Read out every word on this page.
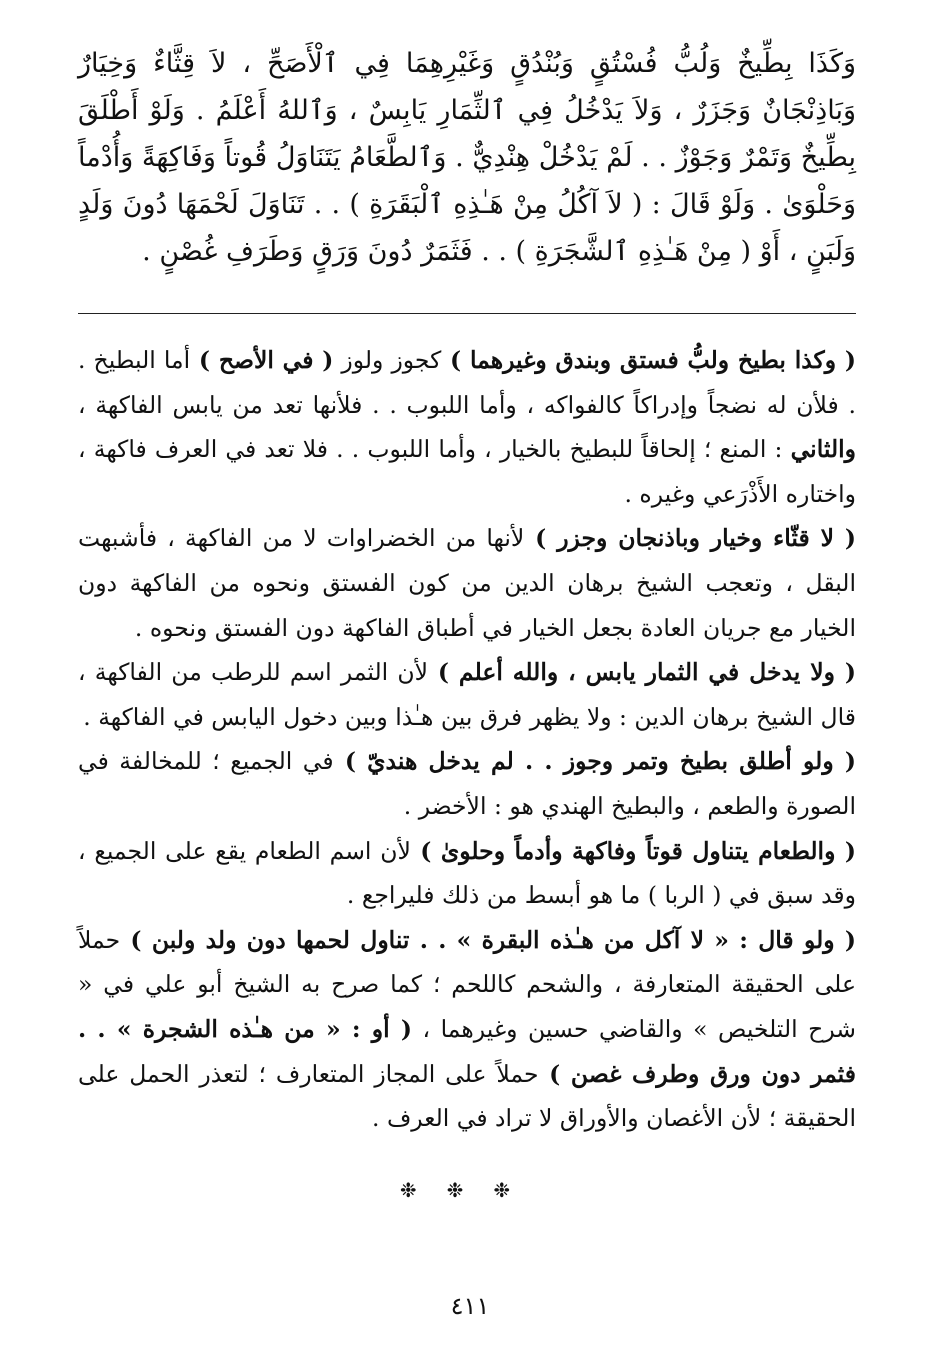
وَكَذَا بِطِّيخٌ وَلُبُّ فُسْتُقٍ وَبُنْدُقٍ وَغَيْرِهِمَا فِي ٱلْأَصَحِّ ، لاَ قِثَّاءٌ وَخِيَارٌ وَبَاذِنْجَانٌ وَجَزَرٌ ، وَلاَ يَدْخُلُ فِي ٱلثِّمَارِ يَابِسٌ ، وَٱللهُ أَعْلَمُ . وَلَوْ أَطْلَقَ بِطِّيخٌ وَتَمْرٌ وَجَوْزٌ . . لَمْ يَدْخُلْ هِنْدِيٌّ . وَٱلطَّعَامُ يَتَنَاوَلُ قُوتاً وَفَاكِهَةً وَأُدْماً وَحَلْوَىٰ . وَلَوْ قَالَ : ( لاَ آكُلُ مِنْ هَـٰذِهِ ٱلْبَقَرَةِ ) . . تَنَاوَلَ لَحْمَهَا دُونَ وَلَدٍ وَلَبَنٍ ، أَوْ ( مِنْ هَـٰذِهِ ٱلشَّجَرَةِ ) . . فَثَمَرٌ دُونَ وَرَقٍ وَطَرَفِ غُصْنٍ .

( وكذا بطيخ ولبُّ فستق وبندق وغيرهما ) كجوز ولوز ( في الأصح ) أما البطيخ . . فلأن له نضجاً وإدراكاً كالفواكه ، وأما اللبوب . . فلأنها تعد من يابس الفاكهة ، والثاني : المنع ؛ إلحاقاً للبطيخ بالخيار ، وأما اللبوب . . فلا تعد في العرف فاكهة ، واختاره الأَذْرَعي وغيره .

( لا قثّاء وخيار وباذنجان وجزر ) لأنها من الخضراوات لا من الفاكهة ، فأشبهت البقل ، وتعجب الشيخ برهان الدين من كون الفستق ونحوه من الفاكهة دون الخيار مع جريان العادة بجعل الخيار في أطباق الفاكهة دون الفستق ونحوه .

( ولا يدخل في الثمار يابس ، والله أعلم ) لأن الثمر اسم للرطب من الفاكهة ، قال الشيخ برهان الدين : ولا يظهر فرق بين هـٰذا وبين دخول اليابس في الفاكهة .

( ولو أطلق بطيخ وتمر وجوز . . لم يدخل هنديّ ) في الجميع ؛ للمخالفة في الصورة والطعم ، والبطيخ الهندي هو : الأخضر .

( والطعام يتناول قوتاً وفاكهة وأدماً وحلوىٰ ) لأن اسم الطعام يقع على الجميع ، وقد سبق في ( الربا ) ما هو أبسط من ذلك فليراجع .

( ولو قال : « لا آكل من هـٰذه البقرة » . . تناول لحمها دون ولد ولبن ) حملاً على الحقيقة المتعارفة ، والشحم كاللحم ؛ كما صرح به الشيخ أبو علي في « شرح التلخيص » والقاضي حسين وغيرهما ، ( أو : « من هـٰذه الشجرة » . . فثمر دون ورق وطرف غصن ) حملاً على المجاز المتعارف ؛ لتعذر الحمل على الحقيقة ؛ لأن الأغصان والأوراق لا تراد في العرف .

❉❉❉
٤١١
